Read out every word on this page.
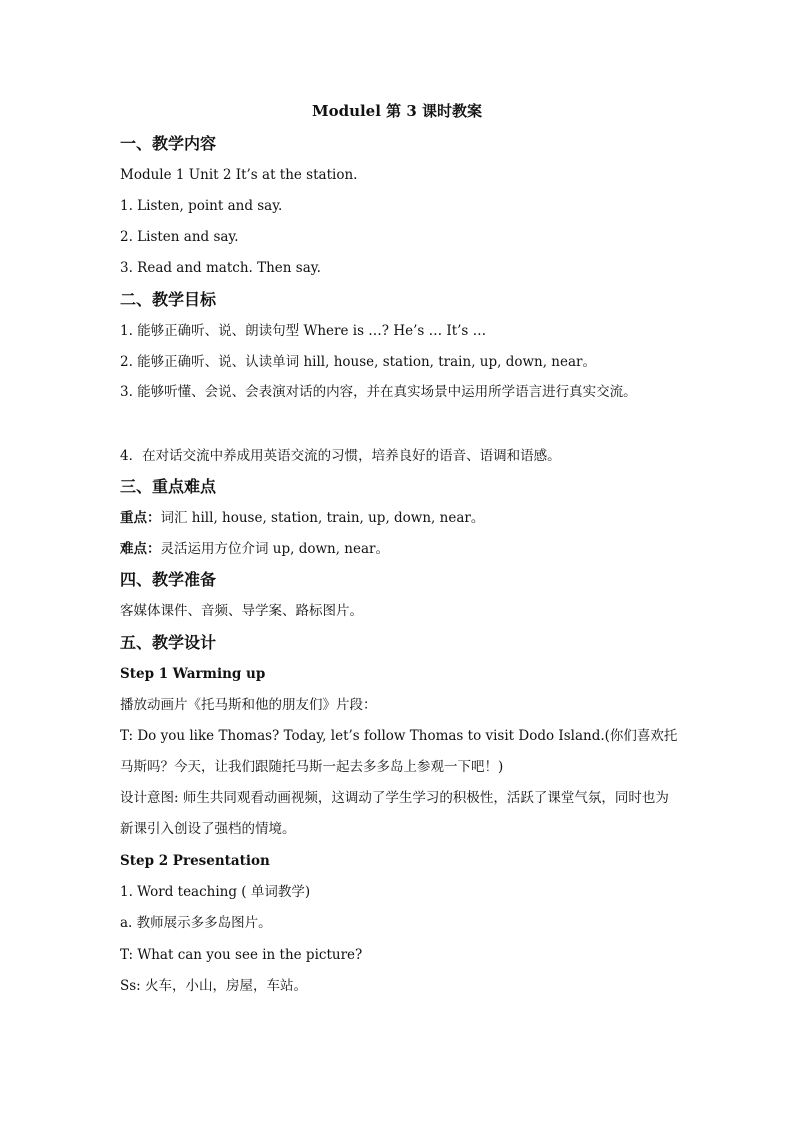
Modulel 第 3 课时教案
一、教学内容
Module 1 Unit 2 It’s at the station.
1. Listen, point and say.
2. Listen and say.
3. Read and match. Then say.
二、教学目标
1. 能够正确听、说、朗读句型 Where is …? He’s … It’s …
2. 能够正确听、说、认读单词 hill, house, station, train, up, down, near。
3. 能够听懂、会说、会表演对话的内容，并在真实场景中运用所学语言进行真实交流。
4．在对话交流中养成用英语交流的习惯，培养良好的语音、语调和语感。
三、重点难点
重点：词汇 hill, house, station, train, up, down, near。
难点：灵活运用方位介词 up, down, near。
四、教学准备
客媒体课件、音频、导学案、路标图片。
五、教学设计
Step 1 Warming up
播放动画片《托马斯和他的朋友们》片段：
T: Do you like Thomas? Today, let’s follow Thomas to visit Dodo Island.(你们喜欢托马斯吗？今天，让我们跟随托马斯一起去多多岛上参观一下吧！)
设计意图: 师生共同观看动画视频，这调动了学生学习的积极性，活跃了课堂气氛，同时也为新课引入创设了强档的情境。
Step 2 Presentation
1. Word teaching ( 单词教学)
a. 教师展示多多岛图片。
T: What can you see in the picture?
Ss: 火车，小山，房屋，车站。
